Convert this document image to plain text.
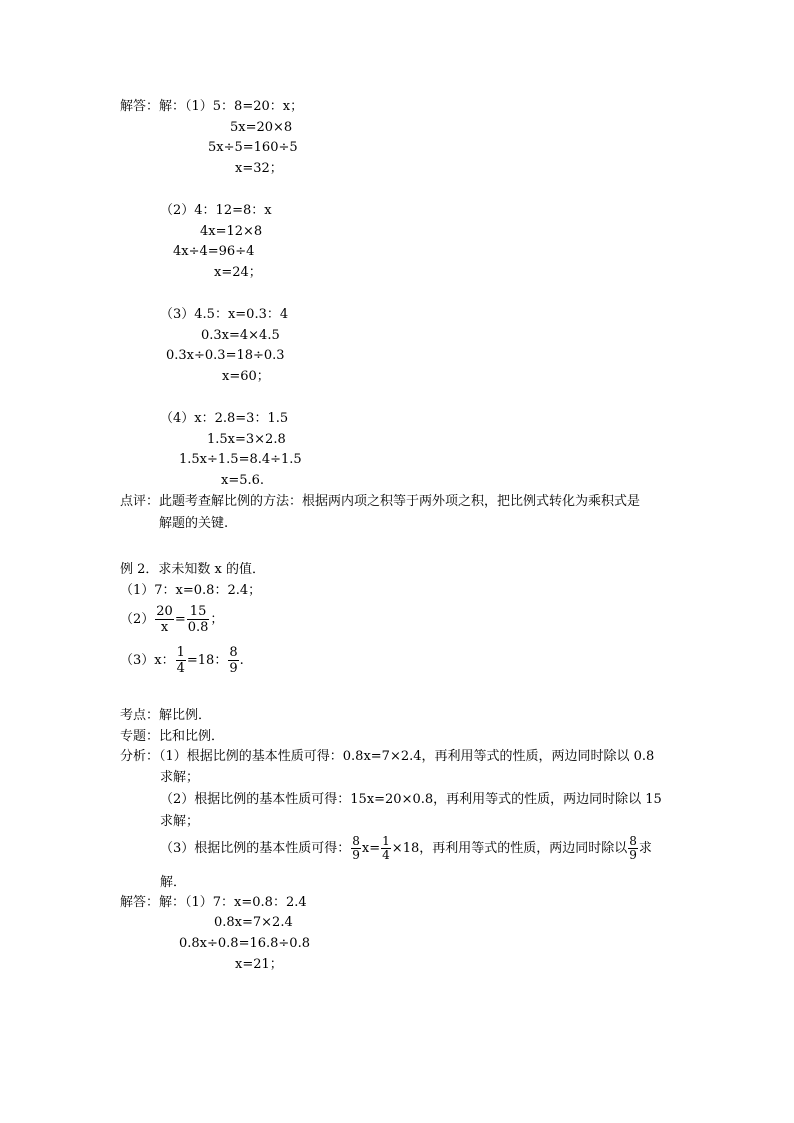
解答：解：（1）5：8=20：x；
5x=20×8
5x÷5=160÷5
x=32；
（2）4：12=8：x
4x=12×8
4x÷4=96÷4
x=24；
（3）4.5：x=0.3：4
0.3x=4×4.5
0.3x÷0.3=18÷0.3
x=60；
（4）x：2.8=3：1.5
1.5x=3×2.8
1.5x÷1.5=8.4÷1.5
x=5.6.
点评：此题考查解比例的方法：根据两内项之积等于两外项之积，把比例式转化为乘积式是
解题的关键.
例 2．求未知数 x 的值．
（1）7：x=0.8：2.4；
$(2) \frac{20}{x} = \frac{15}{0.8}$ ；
（3）x： $\frac{1}{4} =18$： $\frac{8}{9}$ .
考点：解比例．
专题：比和比例．
分析：（1）根据比例的基本性质可得：0.8x=7×2.4，再利用等式的性质，两边同时除以 0.8
求解；
（2）根据比例的基本性质可得：15x=20×0.8，再利用等式的性质，两边同时除以 15
求解；
（3）根据比例的基本性质可得： $\frac{8}{9} x= \frac{1}{4} \times 18$，再利用等式的性质，两边同时除以 $\frac{8}{9}$ 求
解．
解答：解：（1）7：x=0.8：2.4
0.8x=7×2.4
0.8x÷0.8=16.8÷0.8
x=21；
